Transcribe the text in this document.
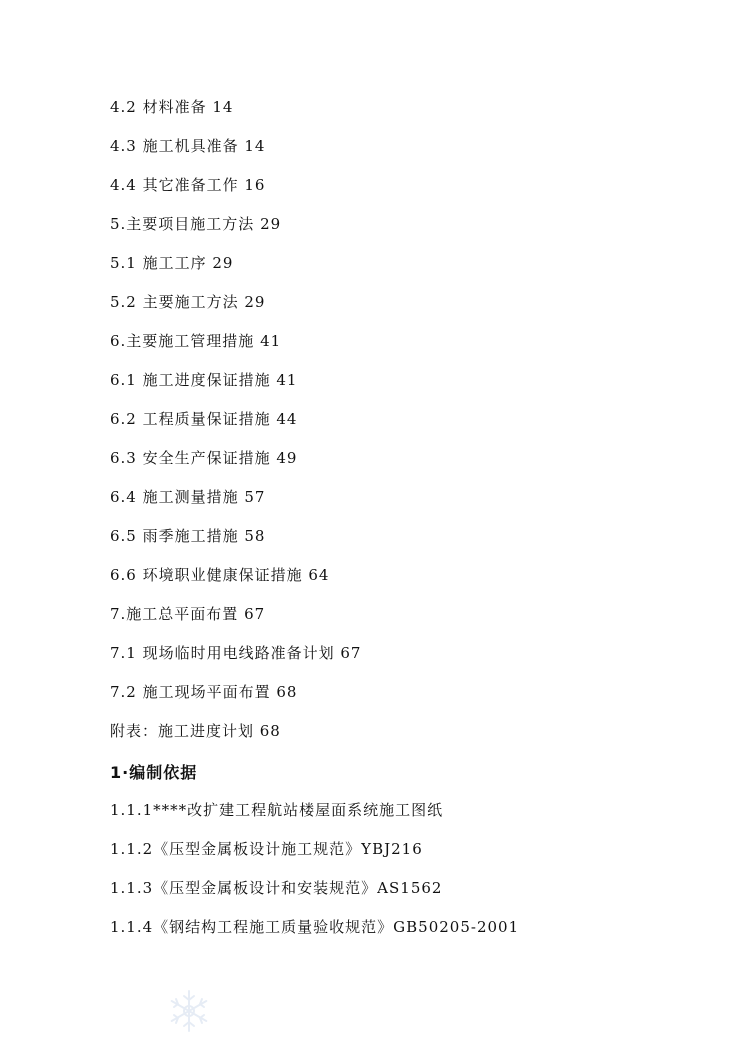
4.2 材料准备 14
4.3 施工机具准备 14
4.4 其它准备工作 16
5.主要项目施工方法 29
5.1 施工工序 29
5.2 主要施工方法 29
6.主要施工管理措施 41
6.1 施工进度保证措施 41
6.2 工程质量保证措施 44
6.3 安全生产保证措施 49
6.4 施工测量措施 57
6.5 雨季施工措施 58
6.6 环境职业健康保证措施 64
7.施工总平面布置 67
7.1 现场临时用电线路准备计划 67
7.2 施工现场平面布置 68
附表：施工进度计划 68
1·编制依据
1.1.1****改扩建工程航站楼屋面系统施工图纸
1.1.2《压型金属板设计施工规范》YBJ216
1.1.3《压型金属板设计和安装规范》AS1562
1.1.4《钢结构工程施工质量验收规范》GB50205-2001
